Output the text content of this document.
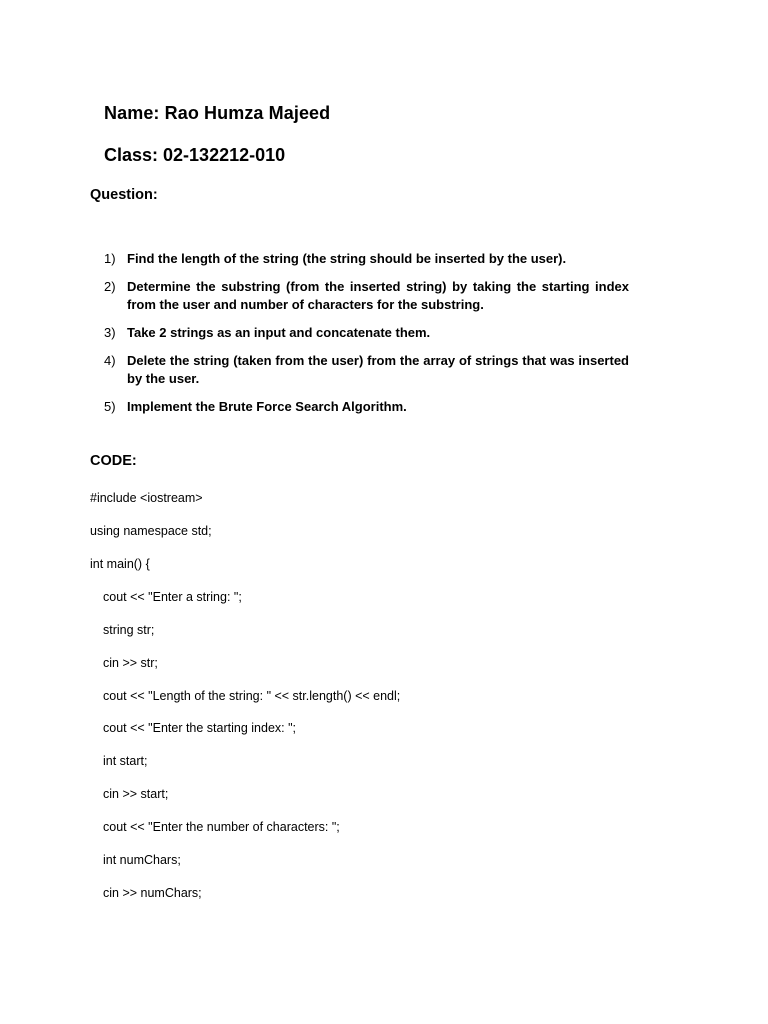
Name: Rao Humza Majeed
Class: 02-132212-010
Question:
1) Find the length of the string (the string should be inserted by the user).
2) Determine the substring (from the inserted string) by taking the starting index from the user and number of characters for the substring.
3) Take 2 strings as an input and concatenate them.
4) Delete the string (taken from the user) from the array of strings that was inserted by the user.
5) Implement the Brute Force Search Algorithm.
CODE:
#include <iostream>
using namespace std;
int main() {
cout << "Enter a string: ";
string str;
cin >> str;
cout << "Length of the string: " << str.length() << endl;
cout << "Enter the starting index: ";
int start;
cin >> start;
cout << "Enter the number of characters: ";
int numChars;
cin >> numChars;
